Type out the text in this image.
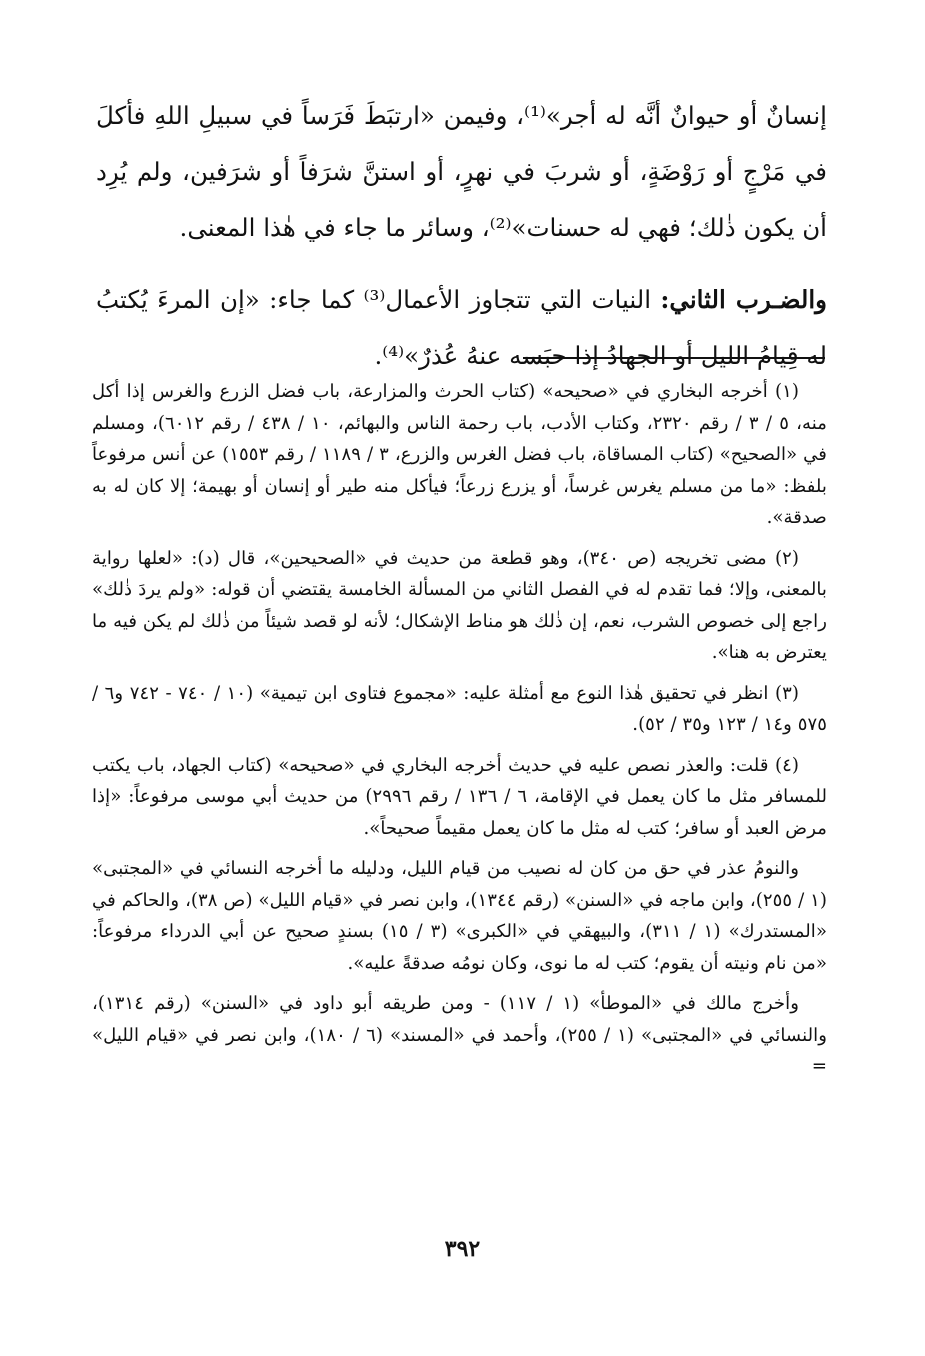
إنسانٌ أو حيوانٌ أنَّه له أجر»⁽¹⁾، وفيمن «ارتبَطَ فَرَساً في سبيلِ اللهِ فأكلَ في مَرْجٍ أو رَوْضَةٍ، أو شربَ في نهرٍ، أو استنَّ شرَفاً أو شرَفين، ولم يُرِد أن يكون ذٰلك؛ فهي له حسنات»⁽²⁾، وسائر ما جاء في هٰذا المعنى.

والضـرب الثاني: النيات التي تتجاوز الأعمال⁽³⁾ كما جاء: «إن المرءَ يُكتبُ له قِيامُ الليل أو الجهادُ إذا حبَسه عنهُ عُذرٌ»⁽⁴⁾.

(١) أخرجه البخاري في «صحيحه» (كتاب الحرث والمزارعة، باب فضل الزرع والغرس إذا أكل منه، ٥ / ٣ / رقم ٢٣٢٠، وكتاب الأدب، باب رحمة الناس والبهائم، ١٠ / ٤٣٨ / رقم ٦٠١٢)، ومسلم في «الصحيح» (كتاب المساقاة، باب فضل الغرس والزرع، ٣ / ١١٨٩ / رقم ١٥٥٣) عن أنس مرفوعاً بلفظ: «ما من مسلم يغرس غرساً، أو يزرع زرعاً؛ فيأكل منه طير أو إنسان أو بهيمة؛ إلا كان له به صدقة».

(٢) مضى تخريجه (ص ٣٤٠)، وهو قطعة من حديث في «الصحيحين»، قال (د): «لعلها رواية بالمعنى، وإلا؛ فما تقدم له في الفصل الثاني من المسألة الخامسة يقتضي أن قوله: «ولم يردَ ذٰلك» راجع إلى خصوص الشرب، نعم، إن ذٰلك هو مناط الإشكال؛ لأنه لو قصد شيئاً من ذٰلك لم يكن فيه ما يعترض به هنا».

(٣) انظر في تحقيق هٰذا النوع مع أمثلة عليه: «مجموع فتاوى ابن تيمية» (١٠ / ٧٤٠ - ٧٤٢ و٦ / ٥٧٥ و١٤ / ١٢٣ و٣٥ / ٥٢).

(٤) قلت: والعذر نصص عليه في حديث أخرجه البخاري في «صحيحه» (كتاب الجهاد، باب يكتب للمسافر مثل ما كان يعمل في الإقامة، ٦ / ١٣٦ / رقم ٢٩٩٦) من حديث أبي موسى مرفوعاً: «إذا مرض العبد أو سافر؛ كتب له مثل ما كان يعمل مقيماً صحيحاً».

والنومُ عذر في حق من كان له نصيب من قيام الليل، ودليله ما أخرجه النسائي في «المجتبى» (١ / ٢٥٥)، وابن ماجه في «السنن» (رقم ١٣٤٤)، وابن نصر في «قيام الليل» (ص ٣٨)، والحاكم في «المستدرك» (١ / ٣١١)، والبيهقي في «الكبرى» (٣ / ١٥) بسندٍ صحيح عن أبي الدرداء مرفوعاً: «من نام ونيته أن يقوم؛ كتب له ما نوى، وكان نومُه صدقةً عليه».

وأخرج مالك في «الموطأ» (١ / ١١٧) - ومن طريقه أبو داود في «السنن» (رقم ١٣١٤)، والنسائي في «المجتبى» (١ / ٢٥٥)، وأحمد في «المسند» (٦ / ١٨٠)، وابن نصر في «قيام الليل» =

٣٩٢
